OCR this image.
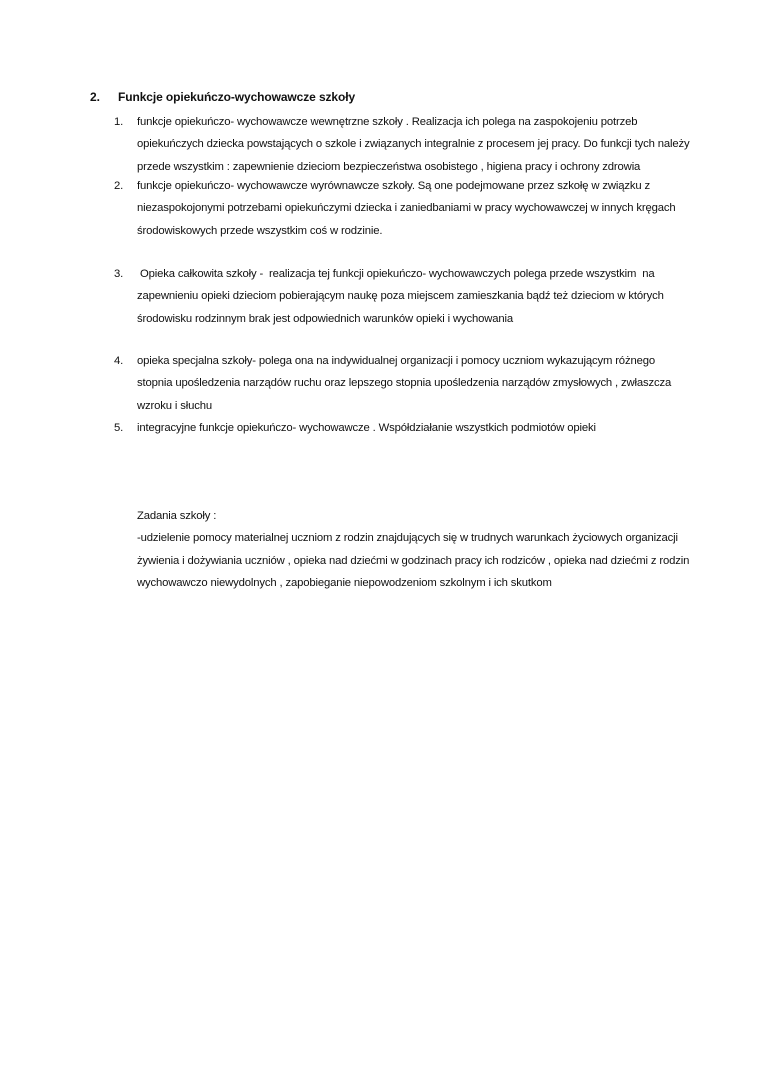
2. Funkcje opiekuńczo-wychowawcze szkoły
1. funkcje opiekuńczo- wychowawcze wewnętrzne szkoły . Realizacja ich polega na zaspokojeniu potrzeb
opiekuńczych dziecka powstających o szkole i związanych integralnie z procesem jej pracy. Do funkcji tych należy
przede wszystkim : zapewnienie dzieciom bezpieczeństwa osobistego , higiena pracy i ochrony zdrowia
2. funkcje opiekuńczo- wychowawcze wyrównawcze szkoły. Są one podejmowane przez szkołę w związku z
niezaspokojonymi potrzebami opiekuńczymi dziecka i zaniedbaniami w pracy wychowawczej w innych kręgach
środowiskowych przede wszystkim coś w rodzinie.
3. Opieka całkowita szkoły -  realizacja tej funkcji opiekuńczo- wychowawczych polega przede wszystkim  na
zapewnieniu opieki dzieciom pobierającym naukę poza miejscem zamieszkania bądź też dzieciom w których
środowisku rodzinnym brak jest odpowiednich warunków opieki i wychowania
4. opieka specjalna szkoły- polega ona na indywidualnej organizacji i pomocy uczniom wykazującym różnego
stopnia upośledzenia narządów ruchu oraz lepszego stopnia upośledzenia narządów zmysłowych , zwłaszcza
wzroku i słuchu
5. integracyjne funkcje opiekuńczo- wychowawcze . Współdziałanie wszystkich podmiotów opieki
Zadania szkoły :
-udzielenie pomocy materialnej uczniom z rodzin znajdujących się w trudnych warunkach życiowych organizacji
żywienia i dożywiania uczniów , opieka nad dziećmi w godzinach pracy ich rodziców , opieka nad dziećmi z rodzin
wychowawczo niewydolnych , zapobieganie niepowodzeniom szkolnym i ich skutkom
